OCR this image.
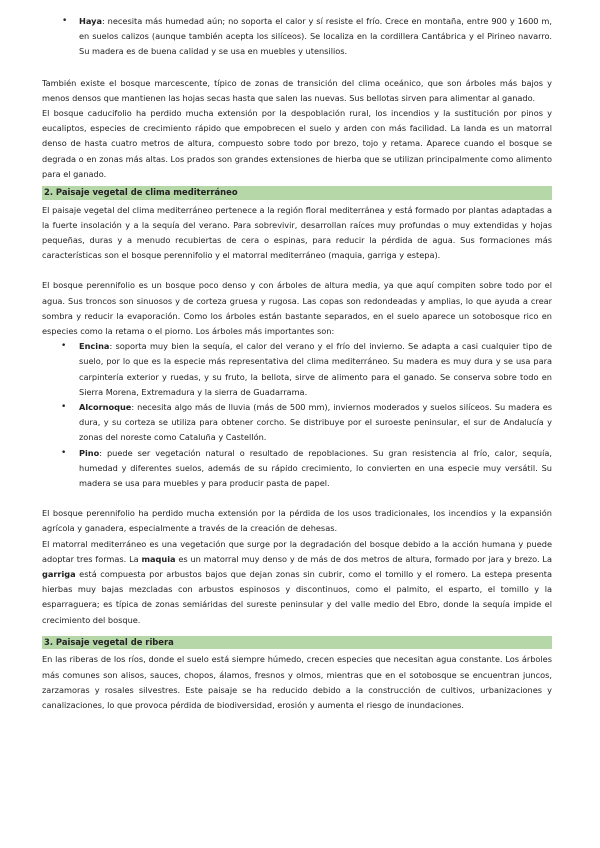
• Haya: necesita más humedad aún; no soporta el calor y sí resiste el frío. Crece en montaña, entre 900 y 1600 m, en suelos calizos (aunque también acepta los silíceos). Se localiza en la cordillera Cantábrica y el Pirineo navarro. Su madera es de buena calidad y se usa en muebles y utensilios.

También existe el bosque marcescente, típico de zonas de transición del clima oceánico, que son árboles más bajos y menos densos que mantienen las hojas secas hasta que salen las nuevas. Sus bellotas sirven para alimentar al ganado.

El bosque caducifolio ha perdido mucha extensión por la despoblación rural, los incendios y la sustitución por pinos y eucaliptos, especies de crecimiento rápido que empobrecen el suelo y arden con más facilidad. La landa es un matorral denso de hasta cuatro metros de altura, compuesto sobre todo por brezo, tojo y retama. Aparece cuando el bosque se degrada o en zonas más altas. Los prados son grandes extensiones de hierba que se utilizan principalmente como alimento para el ganado.

2. Paisaje vegetal de clima mediterráneo

El paisaje vegetal del clima mediterráneo pertenece a la región floral mediterránea y está formado por plantas adaptadas a la fuerte insolación y a la sequía del verano. Para sobrevivir, desarrollan raíces muy profundas o muy extendidas y hojas pequeñas, duras y a menudo recubiertas de cera o espinas, para reducir la pérdida de agua. Sus formaciones más características son el bosque perennifolio y el matorral mediterráneo (maquia, garriga y estepa).

El bosque perennifolio es un bosque poco denso y con árboles de altura media, ya que aquí compiten sobre todo por el agua. Sus troncos son sinuosos y de corteza gruesa y rugosa. Las copas son redondeadas y amplias, lo que ayuda a crear sombra y reducir la evaporación. Como los árboles están bastante separados, en el suelo aparece un sotobosque rico en especies como la retama o el piorno. Los árboles más importantes son:

• Encina: soporta muy bien la sequía, el calor del verano y el frío del invierno. Se adapta a casi cualquier tipo de suelo, por lo que es la especie más representativa del clima mediterráneo. Su madera es muy dura y se usa para carpintería exterior y ruedas, y su fruto, la bellota, sirve de alimento para el ganado. Se conserva sobre todo en Sierra Morena, Extremadura y la sierra de Guadarrama.
• Alcornoque: necesita algo más de lluvia (más de 500 mm), inviernos moderados y suelos silíceos. Su madera es dura, y su corteza se utiliza para obtener corcho. Se distribuye por el suroeste peninsular, el sur de Andalucía y zonas del noreste como Cataluña y Castellón.
• Pino: puede ser vegetación natural o resultado de repoblaciones. Su gran resistencia al frío, calor, sequía, humedad y diferentes suelos, además de su rápido crecimiento, lo convierten en una especie muy versátil. Su madera se usa para muebles y para producir pasta de papel.

El bosque perennifolio ha perdido mucha extensión por la pérdida de los usos tradicionales, los incendios y la expansión agrícola y ganadera, especialmente a través de la creación de dehesas.

El matorral mediterráneo es una vegetación que surge por la degradación del bosque debido a la acción humana y puede adoptar tres formas. La maquia es un matorral muy denso y de más de dos metros de altura, formado por jara y brezo. La garriga está compuesta por arbustos bajos que dejan zonas sin cubrir, como el tomillo y el romero. La estepa presenta hierbas muy bajas mezcladas con arbustos espinosos y discontinuos, como el palmito, el esparto, el tomillo y la esparraguera; es típica de zonas semiáridas del sureste peninsular y del valle medio del Ebro, donde la sequía impide el crecimiento del bosque.

3. Paisaje vegetal de ribera

En las riberas de los ríos, donde el suelo está siempre húmedo, crecen especies que necesitan agua constante. Los árboles más comunes son alisos, sauces, chopos, álamos, fresnos y olmos, mientras que en el sotobosque se encuentran juncos, zarzamoras y rosales silvestres. Este paisaje se ha reducido debido a la construcción de cultivos, urbanizaciones y canalizaciones, lo que provoca pérdida de biodiversidad, erosión y aumenta el riesgo de inundaciones.
